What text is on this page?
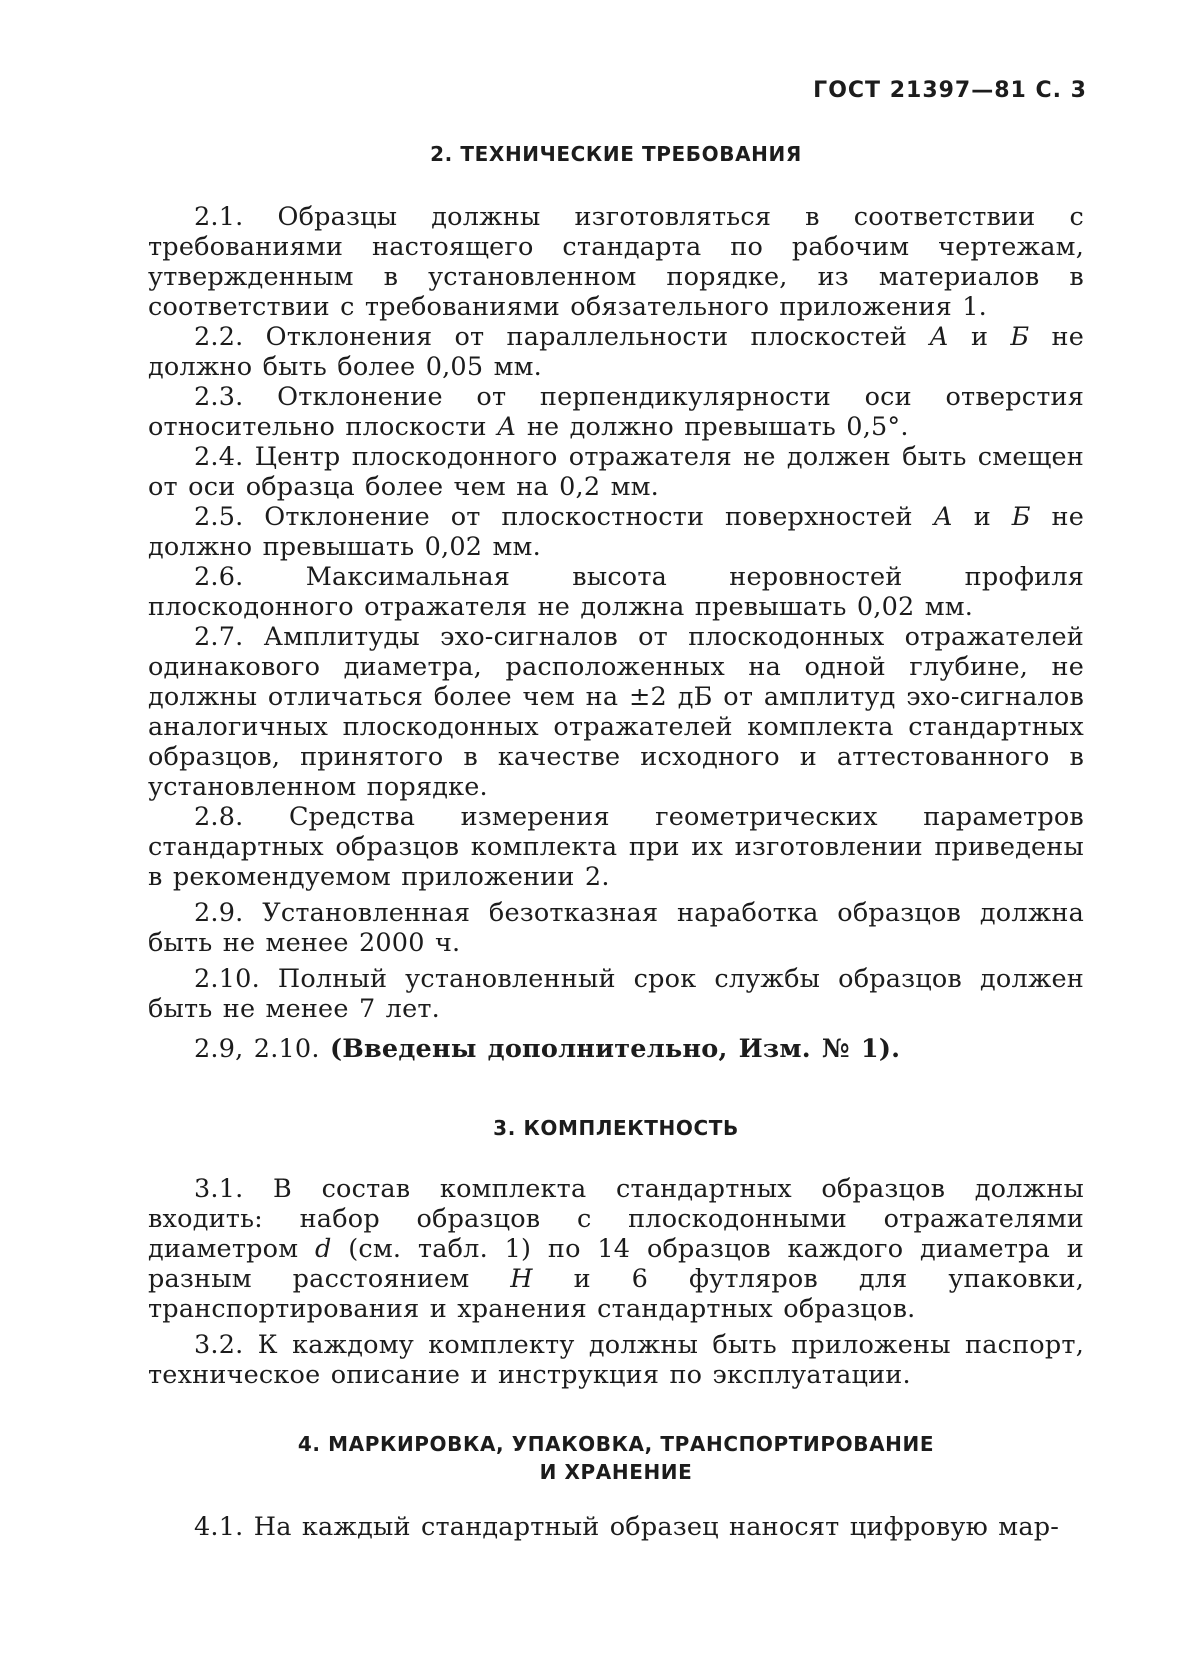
ГОСТ 21397—81 С. 3
2. ТЕХНИЧЕСКИЕ ТРЕБОВАНИЯ

2.1. Образцы должны изготовляться в соответствии с требованиями настоящего стандарта по рабочим чертежам, утвержденным в установленном порядке, из материалов в соответствии с требованиями обязательного приложения 1.

2.2. Отклонения от параллельности плоскостей А и Б не должно быть более 0,05 мм.

2.3. Отклонение от перпендикулярности оси отверстия относительно плоскости А не должно превышать 0,5°.

2.4. Центр плоскодонного отражателя не должен быть смещен от оси образца более чем на 0,2 мм.

2.5. Отклонение от плоскостности поверхностей А и Б не должно превышать 0,02 мм.

2.6. Максимальная высота неровностей профиля плоскодонного отражателя не должна превышать 0,02 мм.

2.7. Амплитуды эхо-сигналов от плоскодонных отражателей одинакового диаметра, расположенных на одной глубине, не должны отличаться более чем на ±2 дБ от амплитуд эхо-сигналов аналогичных плоскодонных отражателей комплекта стандартных образцов, принятого в качестве исходного и аттестованного в установленном порядке.

2.8. Средства измерения геометрических параметров стандартных образцов комплекта при их изготовлении приведены в рекомендуемом приложении 2.

2.9. Установленная безотказная наработка образцов должна быть не менее 2000 ч.

2.10. Полный установленный срок службы образцов должен быть не менее 7 лет.

2.9, 2.10. (Введены дополнительно, Изм. № 1).

3. КОМПЛЕКТНОСТЬ

3.1. В состав комплекта стандартных образцов должны входить: набор образцов с плоскодонными отражателями диаметром d (см. табл. 1) по 14 образцов каждого диаметра и разным расстоянием H и 6 футляров для упаковки, транспортирования и хранения стандартных образцов.

3.2. К каждому комплекту должны быть приложены паспорт, техническое описание и инструкция по эксплуатации.

4. МАРКИРОВКА, УПАКОВКА, ТРАНСПОРТИРОВАНИЕ
И ХРАНЕНИЕ

4.1. На каждый стандартный образец наносят цифровую мар-
